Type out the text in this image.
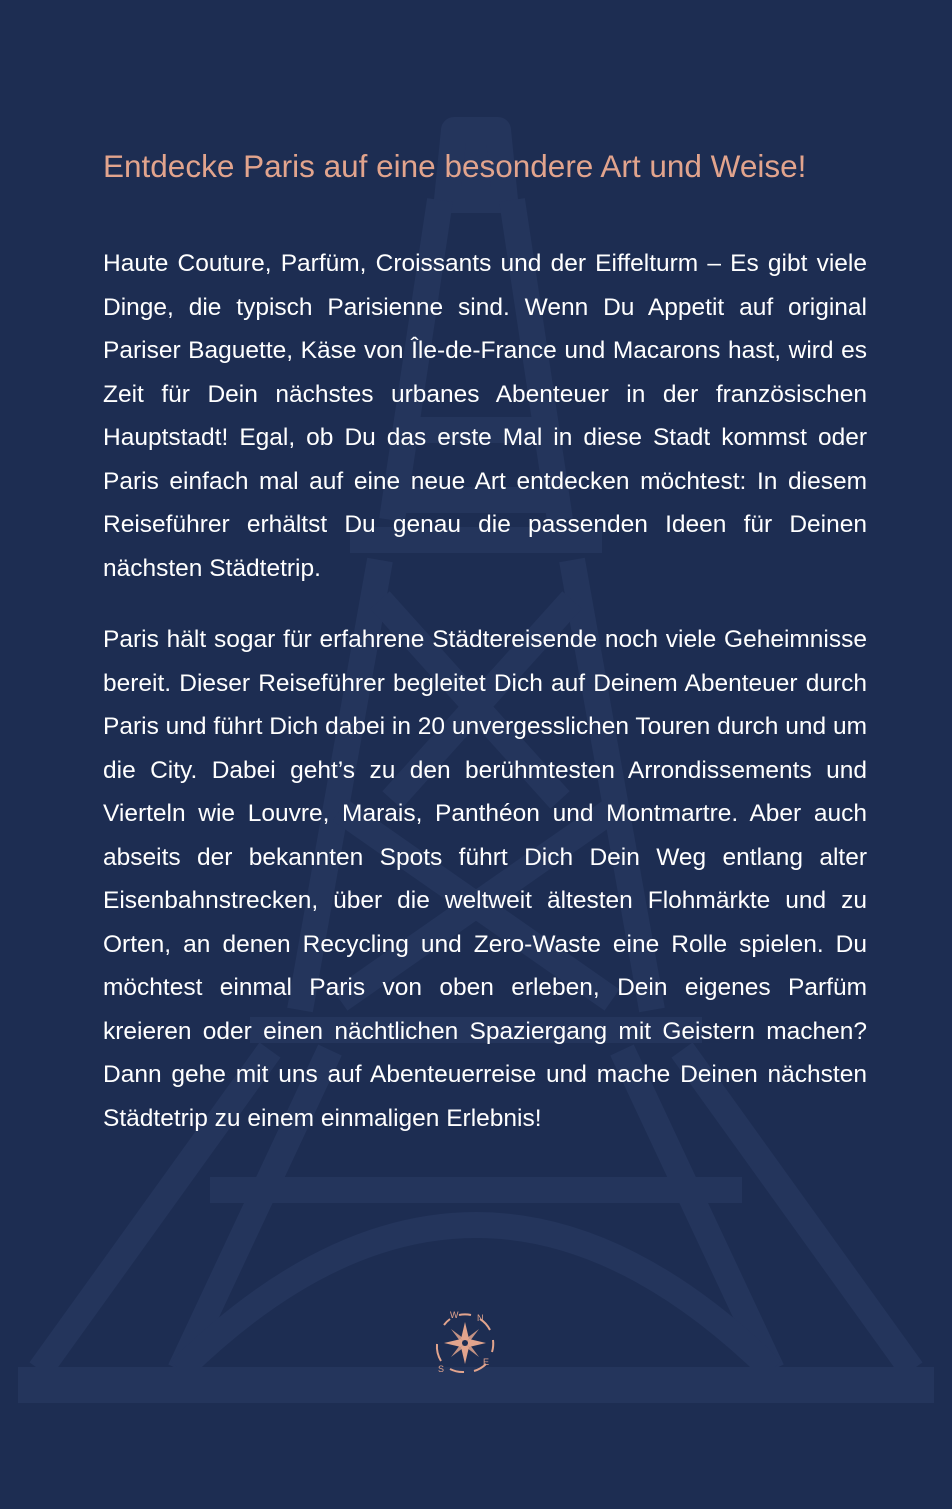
Entdecke Paris auf eine besondere Art und Weise!

Haute Couture, Parfüm, Croissants und der Eiffelturm – Es gibt viele Dinge, die typisch Parisienne sind. Wenn Du Appetit auf original Pariser Baguette, Käse von Île-de-France und Macarons hast, wird es Zeit für Dein nächstes urbanes Abenteuer in der französischen Hauptstadt! Egal, ob Du das erste Mal in diese Stadt kommst oder Paris einfach mal auf eine neue Art entdecken möchtest: In diesem Reiseführer erhältst Du genau die passenden Ideen für Deinen nächsten Städtetrip.

Paris hält sogar für erfahrene Städtereisende noch viele Geheimnisse bereit. Dieser Reiseführer begleitet Dich auf Deinem Abenteuer durch Paris und führt Dich dabei in 20 unvergesslichen Touren durch und um die City. Dabei geht’s zu den berühmtesten Arrondissements und Vierteln wie Louvre, Marais, Panthéon und Montmartre. Aber auch abseits der bekannten Spots führt Dich Dein Weg entlang alter Eisenbahnstrecken, über die weltweit ältesten Flohmärkte und zu Orten, an denen Recycling und Zero-Waste eine Rolle spielen. Du möchtest einmal Paris von oben erleben, Dein eigenes Parfüm kreieren oder einen nächtlichen Spaziergang mit Geistern machen? Dann gehe mit uns auf Abenteuerreise und mache Deinen nächsten Städtetrip zu einem einmaligen Erlebnis!

N
E
S
W
